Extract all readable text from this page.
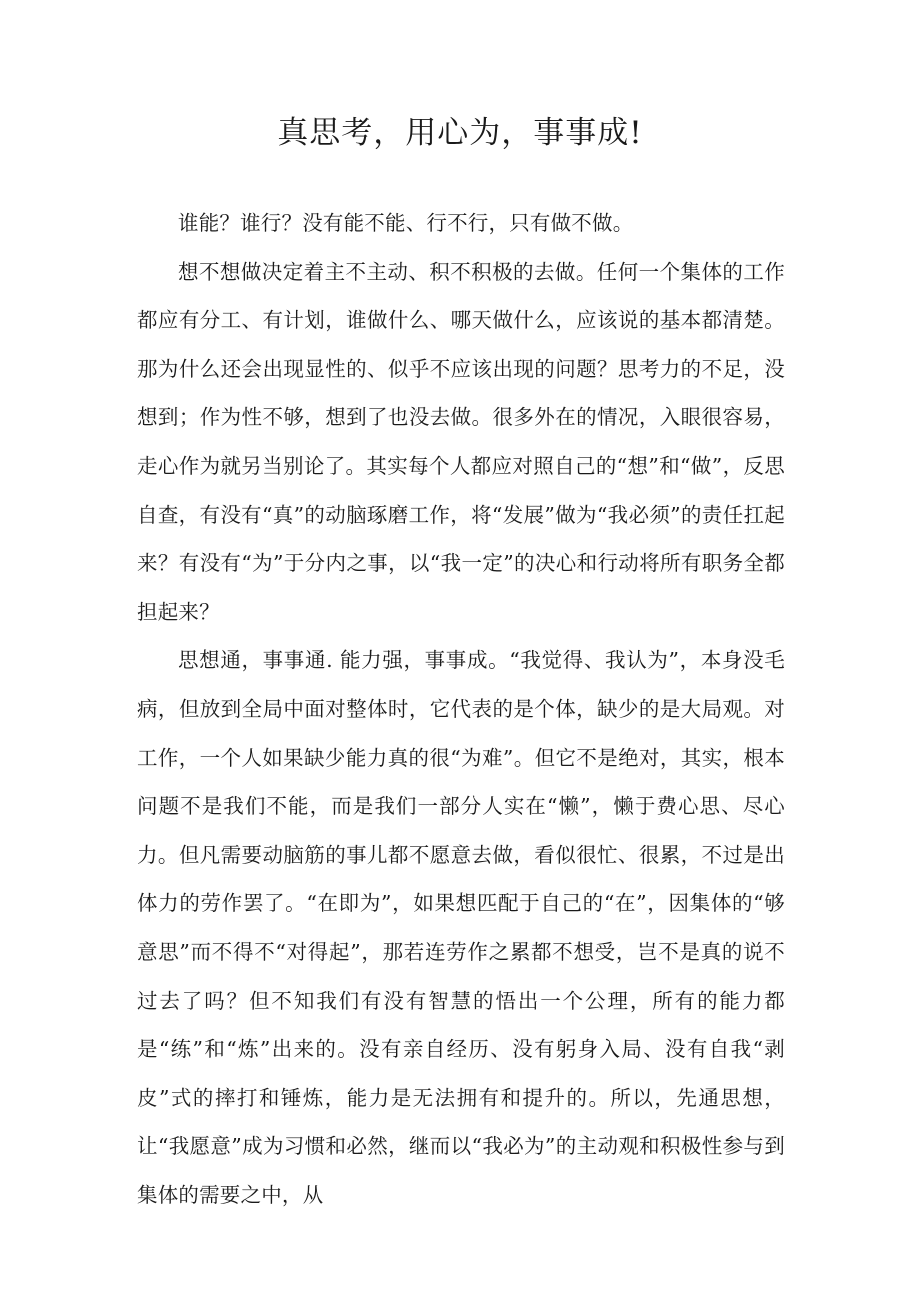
真思考，用心为，事事成!

谁能？谁行？没有能不能、行不行，只有做不做。

想不想做决定着主不主动、积不积极的去做。任何一个集体的工作都应有分工、有计划，谁做什么、哪天做什么，应该说的基本都清楚。那为什么还会出现显性的、似乎不应该出现的问题？思考力的不足，没想到；作为性不够，想到了也没去做。很多外在的情况，入眼很容易，走心作为就另当别论了。其实每个人都应对照自己的“想”和“做”，反思自查，有没有“真”的动脑琢磨工作，将“发展”做为“我必须”的责任扛起来？有没有“为”于分内之事，以“我一定”的决心和行动将所有职务全都担起来？

思想通，事事通. 能力强，事事成。“我觉得、我认为”，本身没毛病，但放到全局中面对整体时，它代表的是个体，缺少的是大局观。对工作，一个人如果缺少能力真的很“为难”。但它不是绝对，其实，根本问题不是我们不能，而是我们一部分人实在“懒”，懒于费心思、尽心力。但凡需要动脑筋的事儿都不愿意去做，看似很忙、很累，不过是出体力的劳作罢了。“在即为”，如果想匹配于自己的“在”，因集体的“够意思”而不得不“对得起”，那若连劳作之累都不想受，岂不是真的说不过去了吗？但不知我们有没有智慧的悟出一个公理，所有的能力都是“练”和“炼”出来的。没有亲自经历、没有躬身入局、没有自我“剥皮”式的摔打和锤炼，能力是无法拥有和提升的。所以，先通思想，让“我愿意”成为习惯和必然，继而以“我必为”的主动观和积极性参与到集体的需要之中，从
